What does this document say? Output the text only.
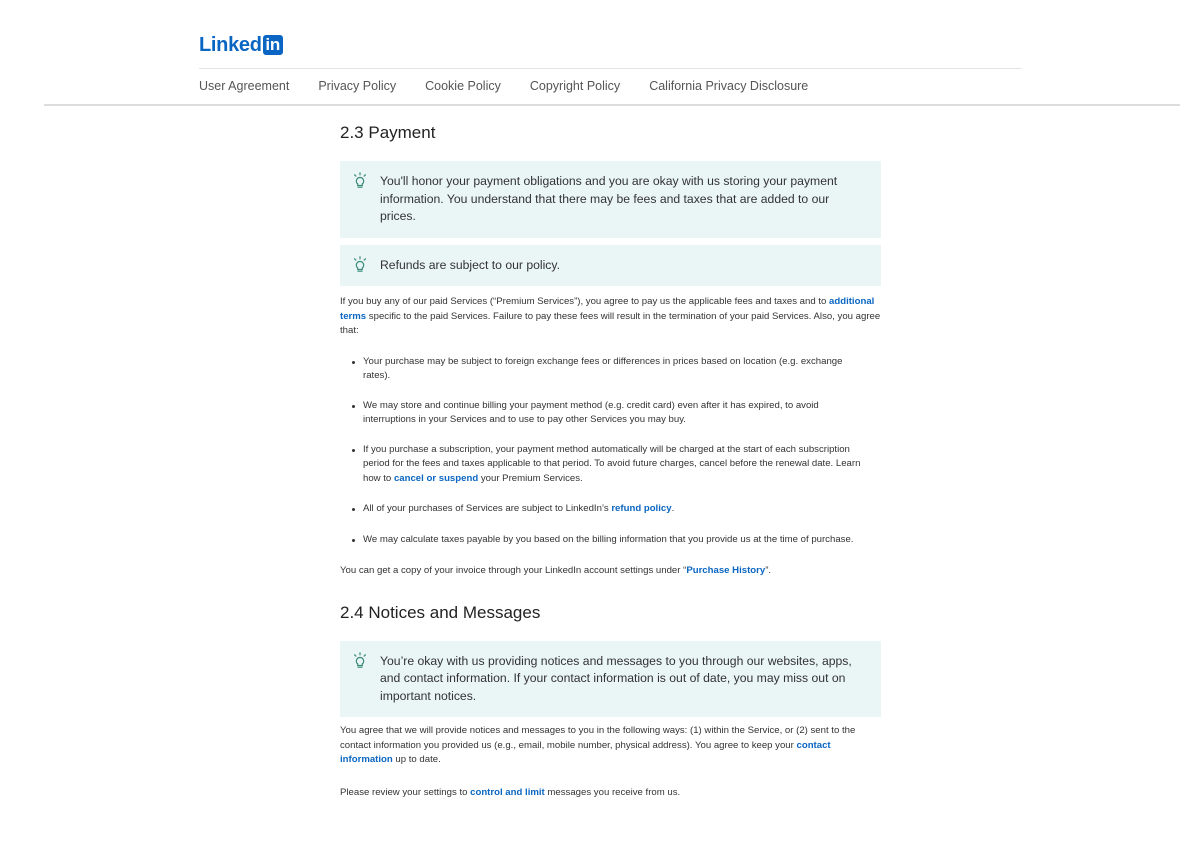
Linked in
User Agreement Privacy Policy Cookie Policy Copyright Policy California Privacy Disclosure
2.3 Payment
You'll honor your payment obligations and you are okay with us storing your payment information. You understand that there may be fees and taxes that are added to our prices.
Refunds are subject to our policy.

If you buy any of our paid Services (“Premium Services”), you agree to pay us the applicable fees and taxes and to additional terms specific to the paid Services. Failure to pay these fees will result in the termination of your paid Services. Also, you agree that:

Your purchase may be subject to foreign exchange fees or differences in prices based on location (e.g. exchange rates).
We may store and continue billing your payment method (e.g. credit card) even after it has expired, to avoid interruptions in your Services and to use to pay other Services you may buy.
If you purchase a subscription, your payment method automatically will be charged at the start of each subscription period for the fees and taxes applicable to that period. To avoid future charges, cancel before the renewal date. Learn how to cancel or suspend your Premium Services.
All of your purchases of Services are subject to LinkedIn’s refund policy.
We may calculate taxes payable by you based on the billing information that you provide us at the time of purchase.

You can get a copy of your invoice through your LinkedIn account settings under “Purchase History”.

2.4 Notices and Messages
You’re okay with us providing notices and messages to you through our websites, apps, and contact information. If your contact information is out of date, you may miss out on important notices.

You agree that we will provide notices and messages to you in the following ways: (1) within the Service, or (2) sent to the contact information you provided us (e.g., email, mobile number, physical address). You agree to keep your contact information up to date.

Please review your settings to control and limit messages you receive from us.
